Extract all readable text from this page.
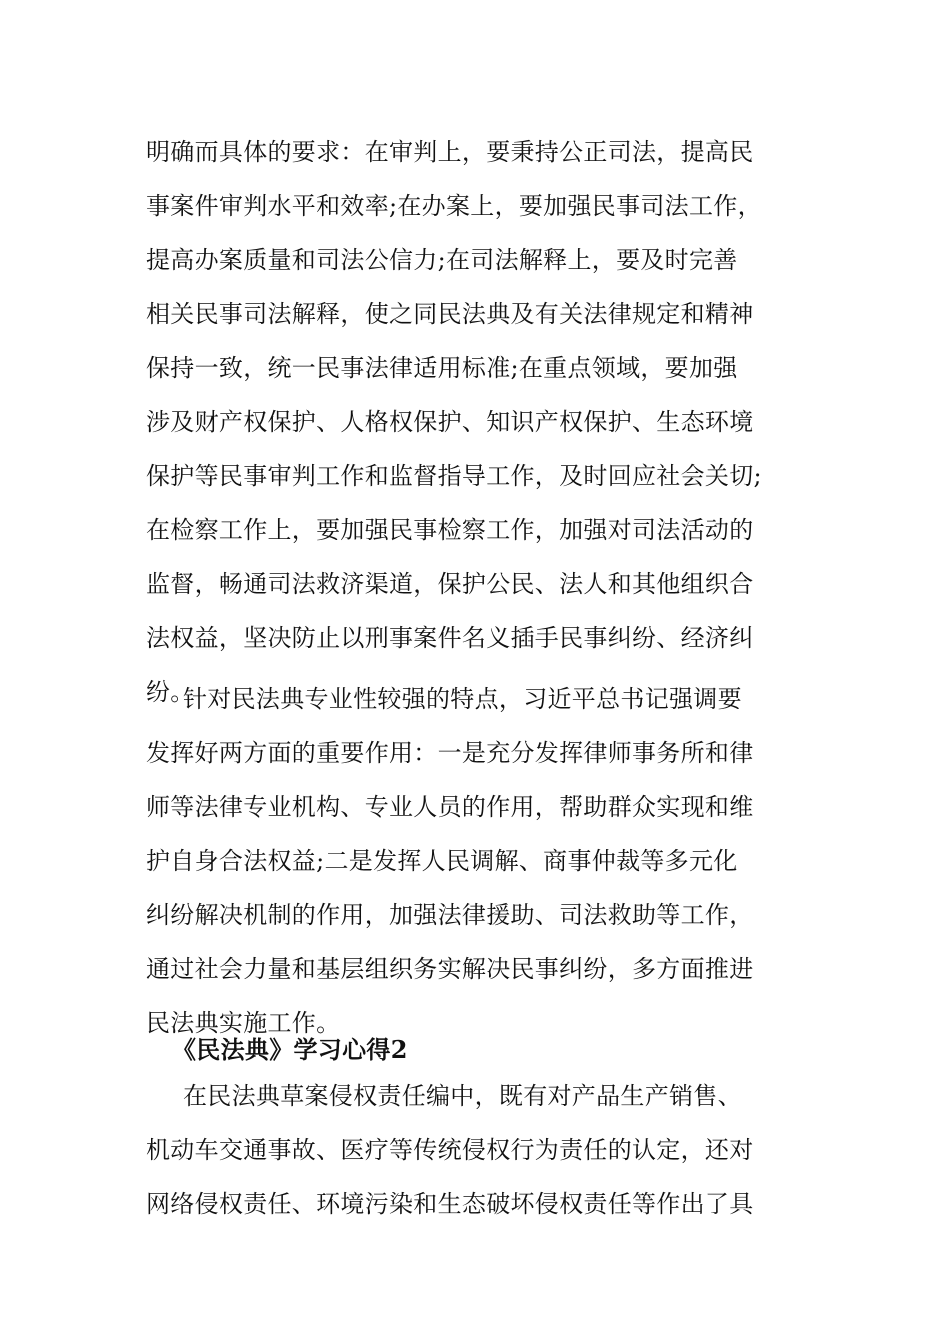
明确而具体的要求：在审判上，要秉持公正司法，提高民
事案件审判水平和效率;在办案上，要加强民事司法工作，
提高办案质量和司法公信力;在司法解释上，要及时完善
相关民事司法解释，使之同民法典及有关法律规定和精神
保持一致，统一民事法律适用标准;在重点领域，要加强
涉及财产权保护、人格权保护、知识产权保护、生态环境
保护等民事审判工作和监督指导工作，及时回应社会关切;
在检察工作上，要加强民事检察工作，加强对司法活动的
监督，畅通司法救济渠道，保护公民、法人和其他组织合
法权益，坚决防止以刑事案件名义插手民事纠纷、经济纠
纷。
针对民法典专业性较强的特点，习近平总书记强调要
发挥好两方面的重要作用：一是充分发挥律师事务所和律
师等法律专业机构、专业人员的作用，帮助群众实现和维
护自身合法权益;二是发挥人民调解、商事仲裁等多元化
纠纷解决机制的作用，加强法律援助、司法救助等工作，
通过社会力量和基层组织务实解决民事纠纷，多方面推进
民法典实施工作。
《民法典》学习心得2
在民法典草案侵权责任编中，既有对产品生产销售、
机动车交通事故、医疗等传统侵权行为责任的认定，还对
网络侵权责任、环境污染和生态破坏侵权责任等作出了具
